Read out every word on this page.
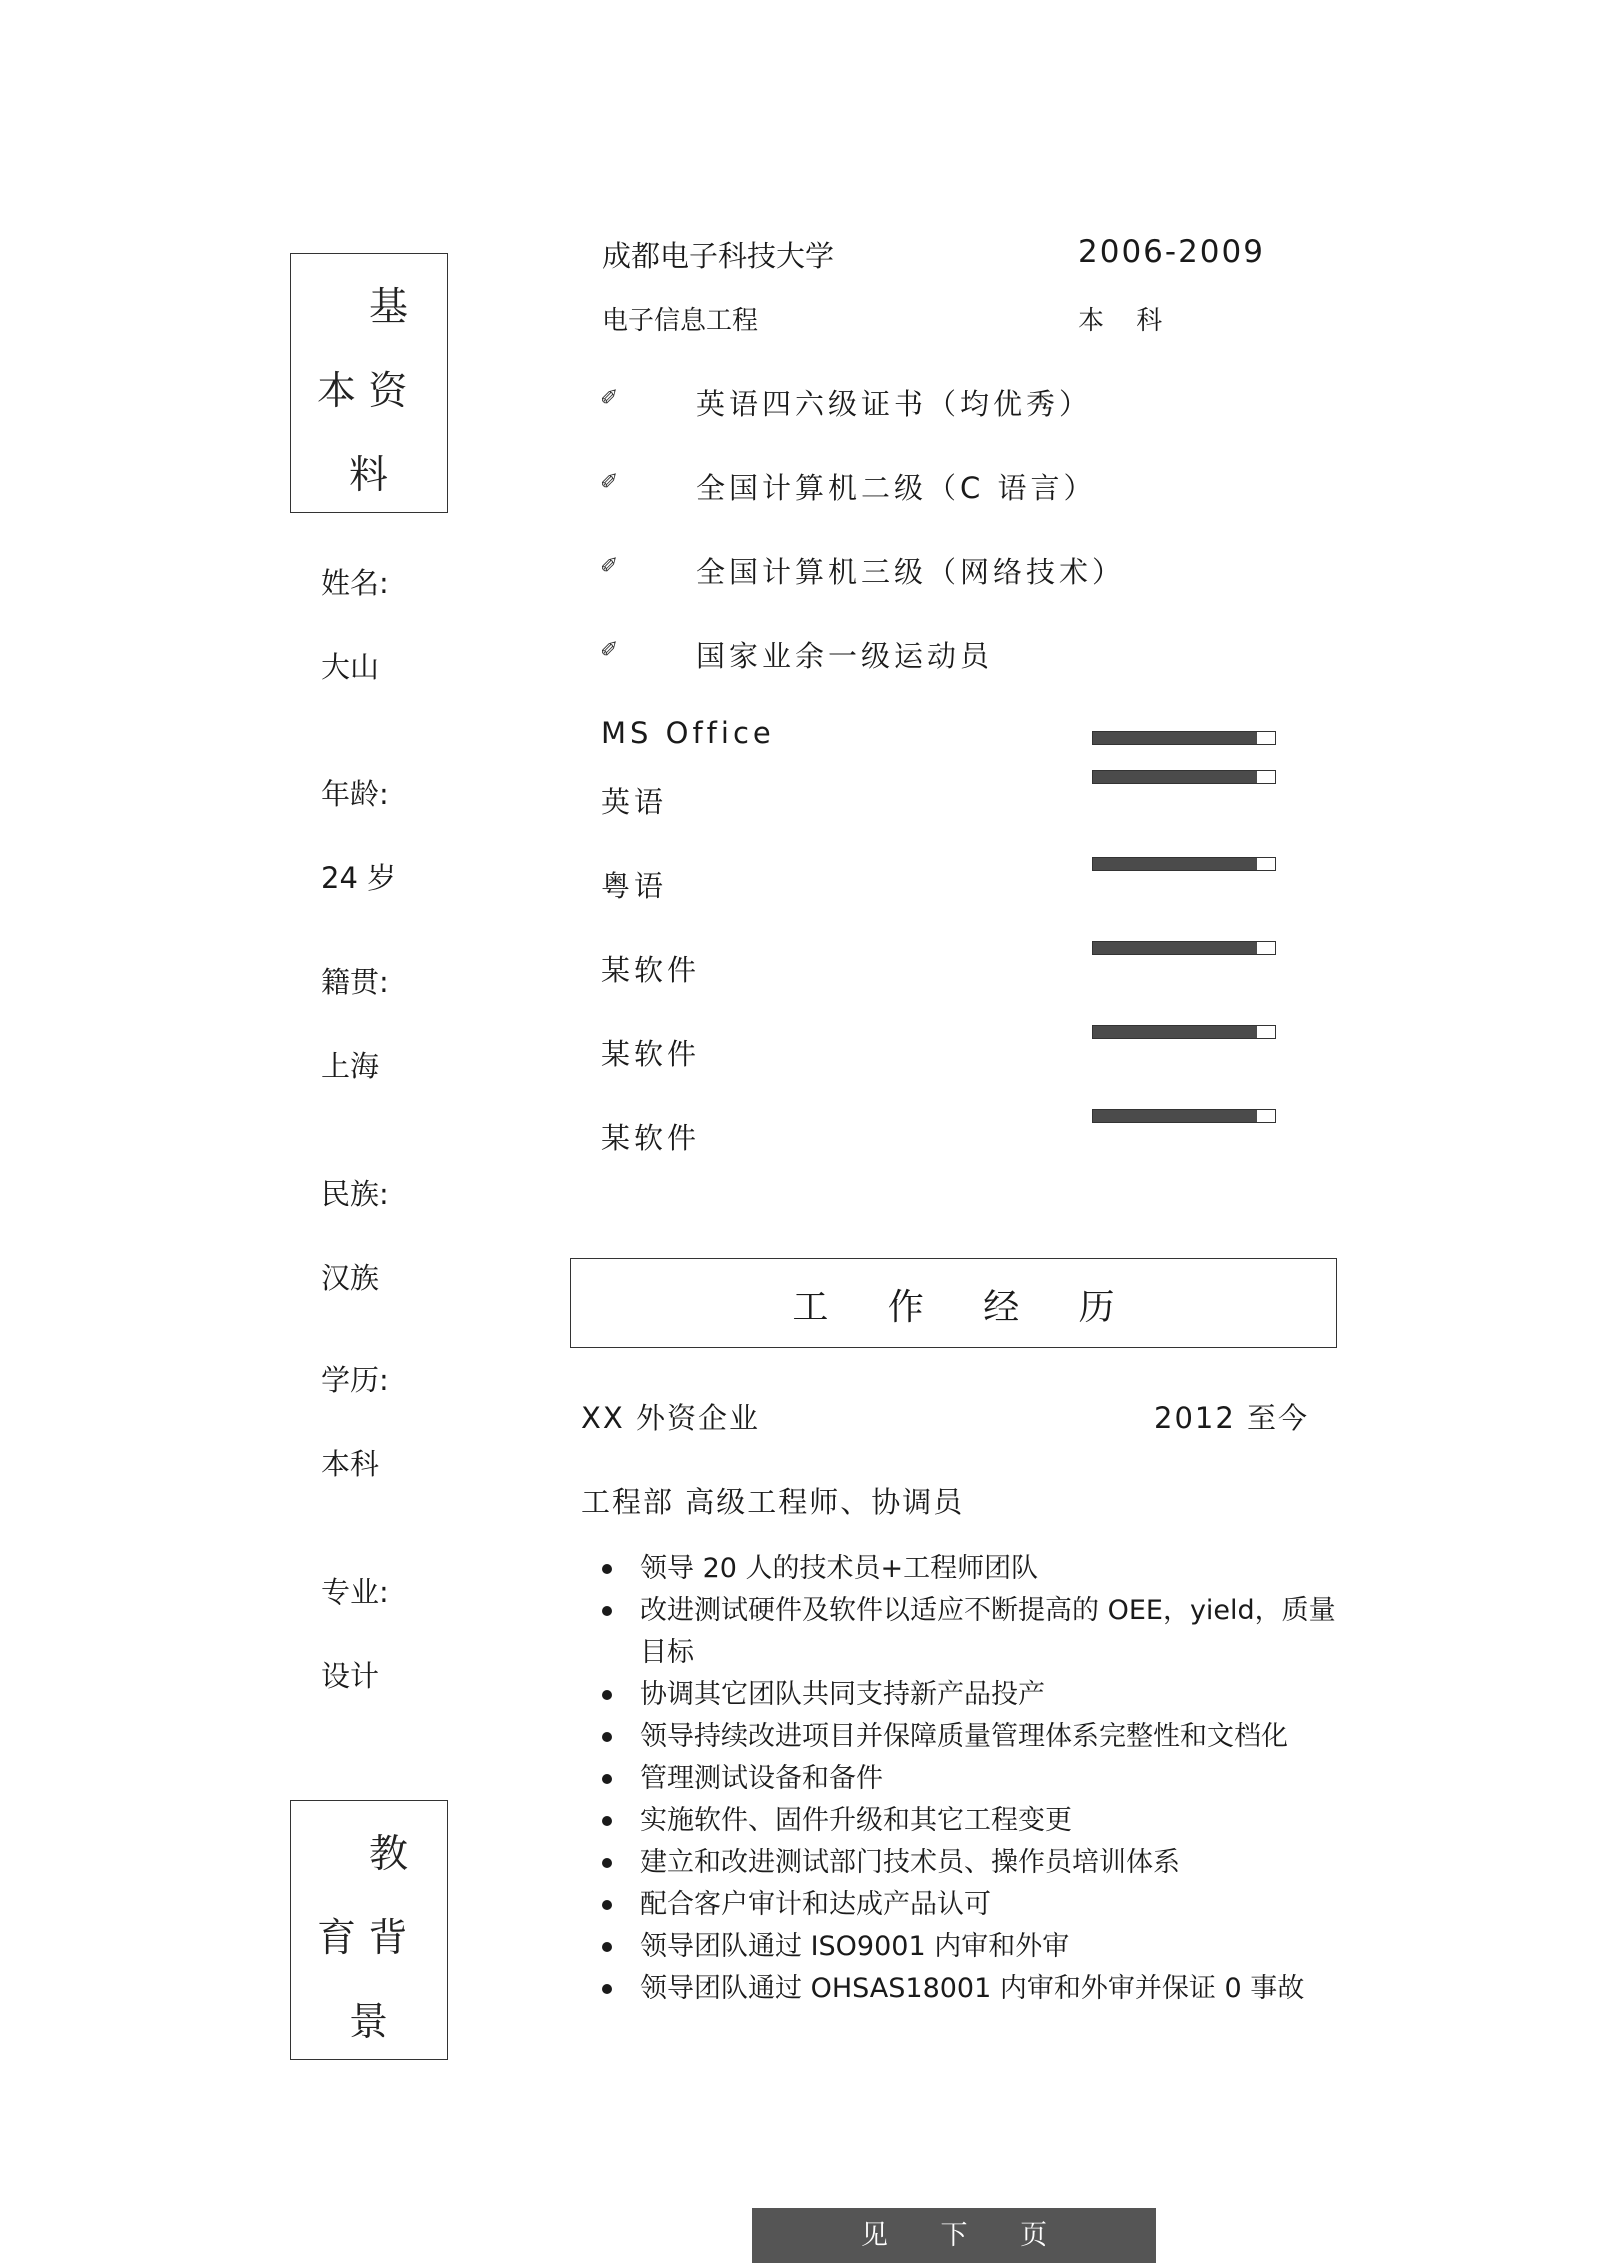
基
本 资
料
姓名:
大山
年龄:
24 岁
籍贯:
上海
民族:
汉族
学历:
本科
专业:
设计
教
育 背
景
成都电子科技大学	2006-2009
电子信息工程	本 科
✐	英语四六级证书（均优秀）
✐	全国计算机二级（C 语言）
✐	全国计算机三级（网络技术）
✐	国家业余一级运动员
MS Office
英语
粤语
某软件
某软件
某软件
工 作 经 历
XX 外资企业	2012 至今
工程部 高级工程师、协调员
领导 20 人的技术员+工程师团队
改进测试硬件及软件以适应不断提高的 OEE，yield，质量目标
协调其它团队共同支持新产品投产
领导持续改进项目并保障质量管理体系完整性和文档化
管理测试设备和备件
实施软件、固件升级和其它工程变更
建立和改进测试部门技术员、操作员培训体系
配合客户审计和达成产品认可
领导团队通过 ISO9001 内审和外审
领导团队通过 OHSAS18001 内审和外审并保证 0 事故
见 下 页
